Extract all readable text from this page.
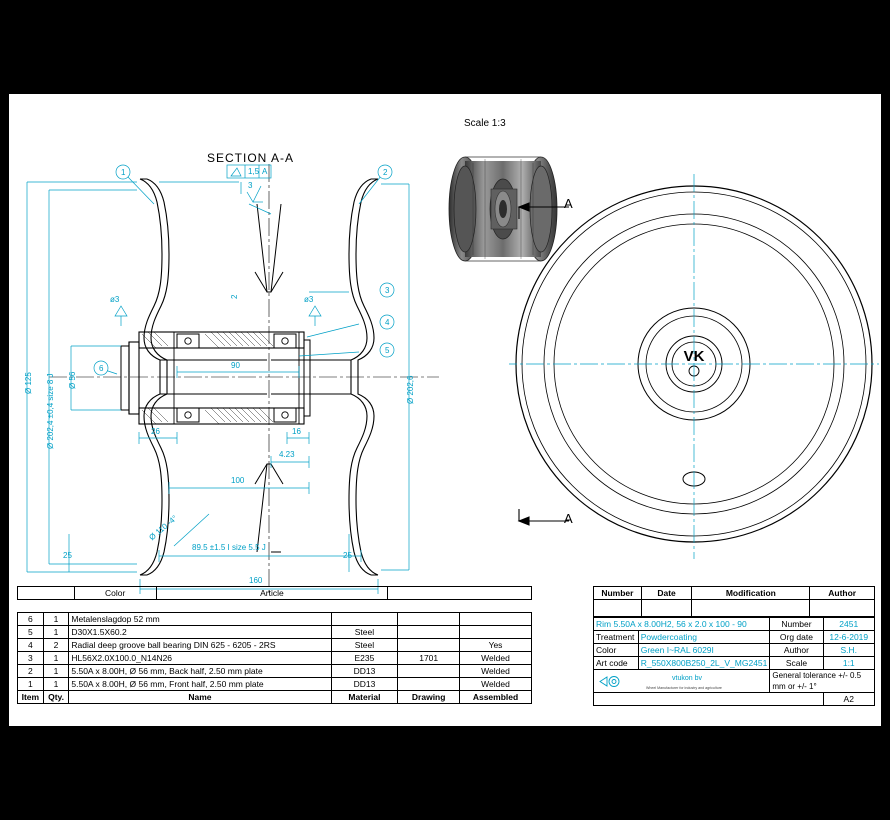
SECTION A-A
Scale 1:3
1	2
3
4
5
6
1,5 A
3
ø3	ø3
Ø 125 Ø 202,4 ±0,4 size 8 J Ø 56	Ø 202,6
90
26	16
4.23
100
2
Ø 110 -4°
89.5 ±1.5 I size 5.5 J
160
25	25
VK
A
A
	Color	Article	
6	1	Metalenslagdop 52 mm			
5	1	D30X1.5X60.2	Steel		
4	2	Radial deep groove ball bearing DIN 625 - 6205 - 2RS	Steel		Yes
3	1	HL56X2.0X100.0_N14N26	E235	1701	Welded
2	1	5.50A x 8.00H, Ø 56 mm, Back half, 2.50 mm plate	DD13		Welded
1	1	5.50A x 8.00H, Ø 56 mm, Front half, 2.50 mm plate	DD13		Welded
Item	Qty.	Name	Material	Drawing	Assembled
Number	Date	Modification	Author

Rim 5.50A x 8.00H2, 56 x 2.0 x 100 - 90		Number	2451
Treatment	Powdercoating	Org date	12-6-2019
Color	Green I~RAL 6029I	Author	S.H.
Art code	R_550X800B250_2L_V_MG2451	Scale	1:1

vtukon bv
Wheel Manufacturer for industry and agriculture		General tolerance +/- 0.5 mm or +/- 1°	
			A2
